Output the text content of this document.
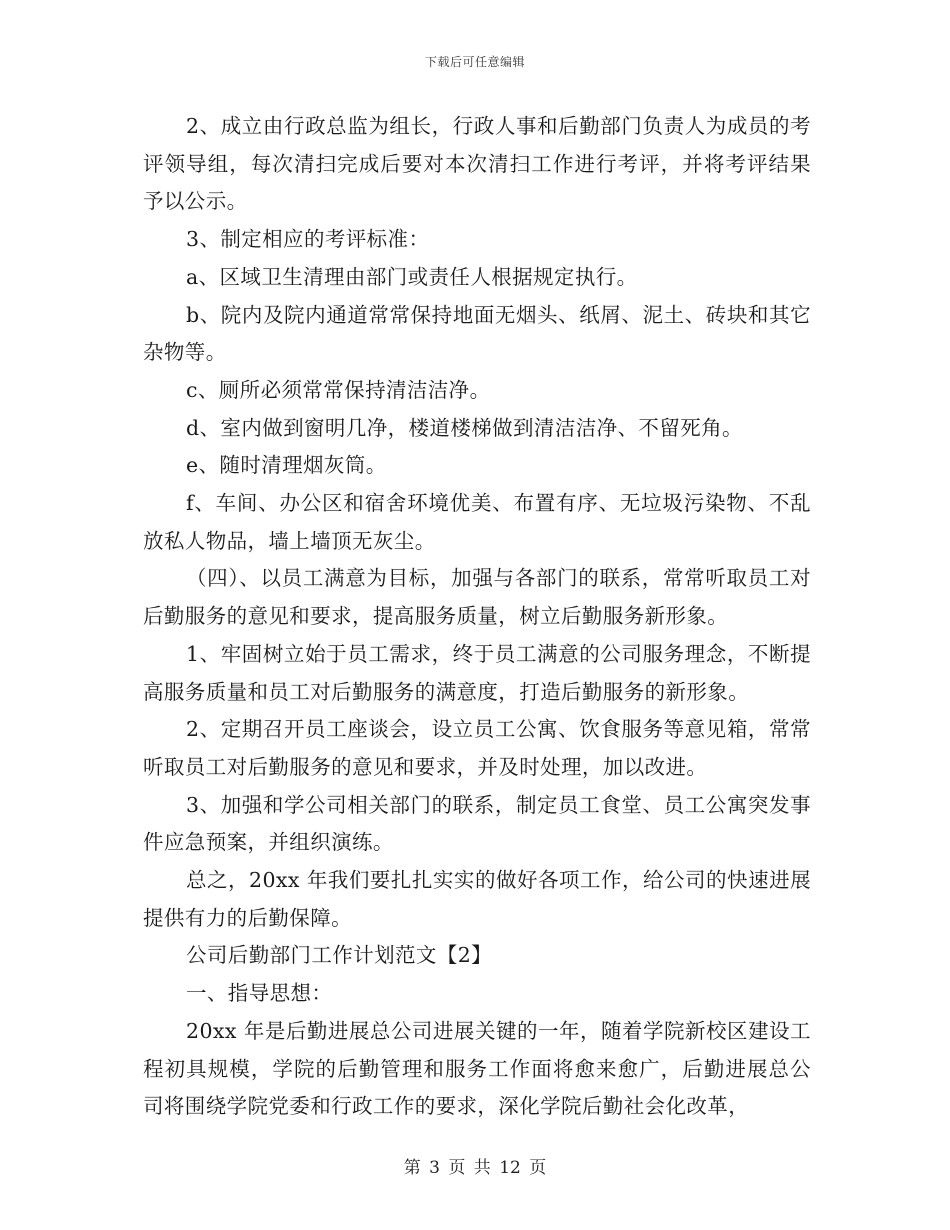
下载后可任意编辑

2、成立由行政总监为组长，行政人事和后勤部门负责人为成员的考评领导组，每次清扫完成后要对本次清扫工作进行考评，并将考评结果予以公示。

3、制定相应的考评标准：

a、区域卫生清理由部门或责任人根据规定执行。

b、院内及院内通道常常保持地面无烟头、纸屑、泥土、砖块和其它杂物等。

c、厕所必须常常保持清洁洁净。

d、室内做到窗明几净，楼道楼梯做到清洁洁净、不留死角。

e、随时清理烟灰筒。

f、车间、办公区和宿舍环境优美、布置有序、无垃圾污染物、不乱放私人物品，墙上墙顶无灰尘。

（四）、以员工满意为目标，加强与各部门的联系，常常听取员工对后勤服务的意见和要求，提高服务质量，树立后勤服务新形象。

1、牢固树立始于员工需求，终于员工满意的公司服务理念，不断提高服务质量和员工对后勤服务的满意度，打造后勤服务的新形象。

2、定期召开员工座谈会，设立员工公寓、饮食服务等意见箱，常常听取员工对后勤服务的意见和要求，并及时处理，加以改进。

3、加强和学公司相关部门的联系，制定员工食堂、员工公寓突发事件应急预案，并组织演练。

总之，20xx 年我们要扎扎实实的做好各项工作，给公司的快速进展提供有力的后勤保障。

公司后勤部门工作计划范文【2】

一、指导思想：

20xx 年是后勤进展总公司进展关键的一年，随着学院新校区建设工程初具规模，学院的后勤管理和服务工作面将愈来愈广，后勤进展总公司将围绕学院党委和行政工作的要求，深化学院后勤社会化改革，

第 3 页 共 12 页
